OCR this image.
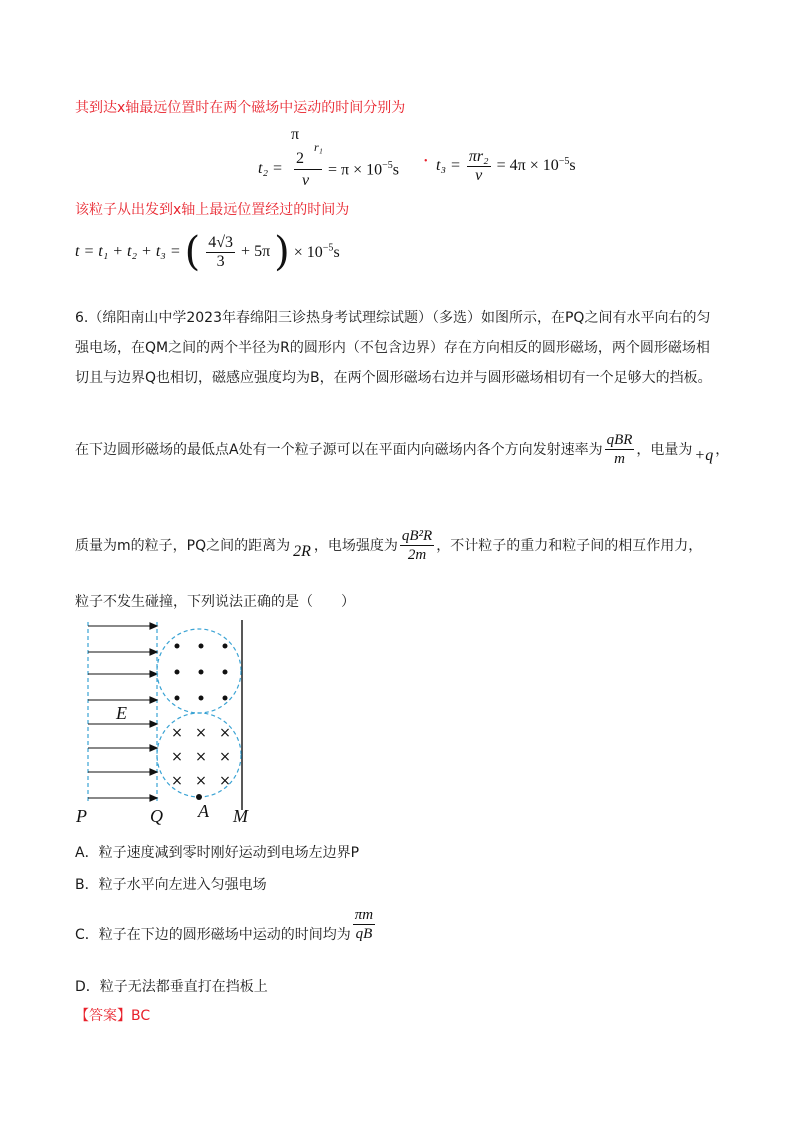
其到达x轴最远位置时在两个磁场中运动的时间分别为
π
r₁
t₂ =
2
v
= $\pi \times 10^{-5}s$	• $t_3 = \frac{\text{πr₂}}{v} = 4\pi \times 10^{-5}s$
该粒子从出发到x轴上最远位置经过的时间为
t = t₁ + t₂ + t₃ = ( $\frac{4√3}{3} + 5\pi$ ) × $10^{-5}s$
6.（绵阳南山中学2023年春绵阳三诊热身考试理综试题）（多选）如图所示，在PQ之间有水平向右的匀
强电场，在QM之间的两个半径为R的圆形内（不包含边界）存在方向相反的圆形磁场，两个圆形磁场相
切且与边界Q也相切，磁感应强度均为B，在两个圆形磁场右边并与圆形磁场相切有一个足够大的挡板。
在下边圆形磁场的最低点A处有一个粒子源可以在平面内向磁场内各个方向发射速率为 $\frac{\text{qBR}}{m}$ ，电量为 +q ，
质量为m的粒子，PQ之间的距离为 2R ，电场强度为 $\frac{\text{qB²R}}{2m}$ ，不计粒子的重力和粒子间的相互作用力，
粒子不发生碰撞，下列说法正确的是（　　）
× × ×
× × ×
× × ×
E
P	Q A M
A．粒子速度减到零时刚好运动到电场左边界P
B．粒子水平向左进入匀强电场
C．粒子在下边的圆形磁场中运动的时间均为 $\frac{\pi m}{qB}$
D．粒子无法都垂直打在挡板上
【答案】BC
